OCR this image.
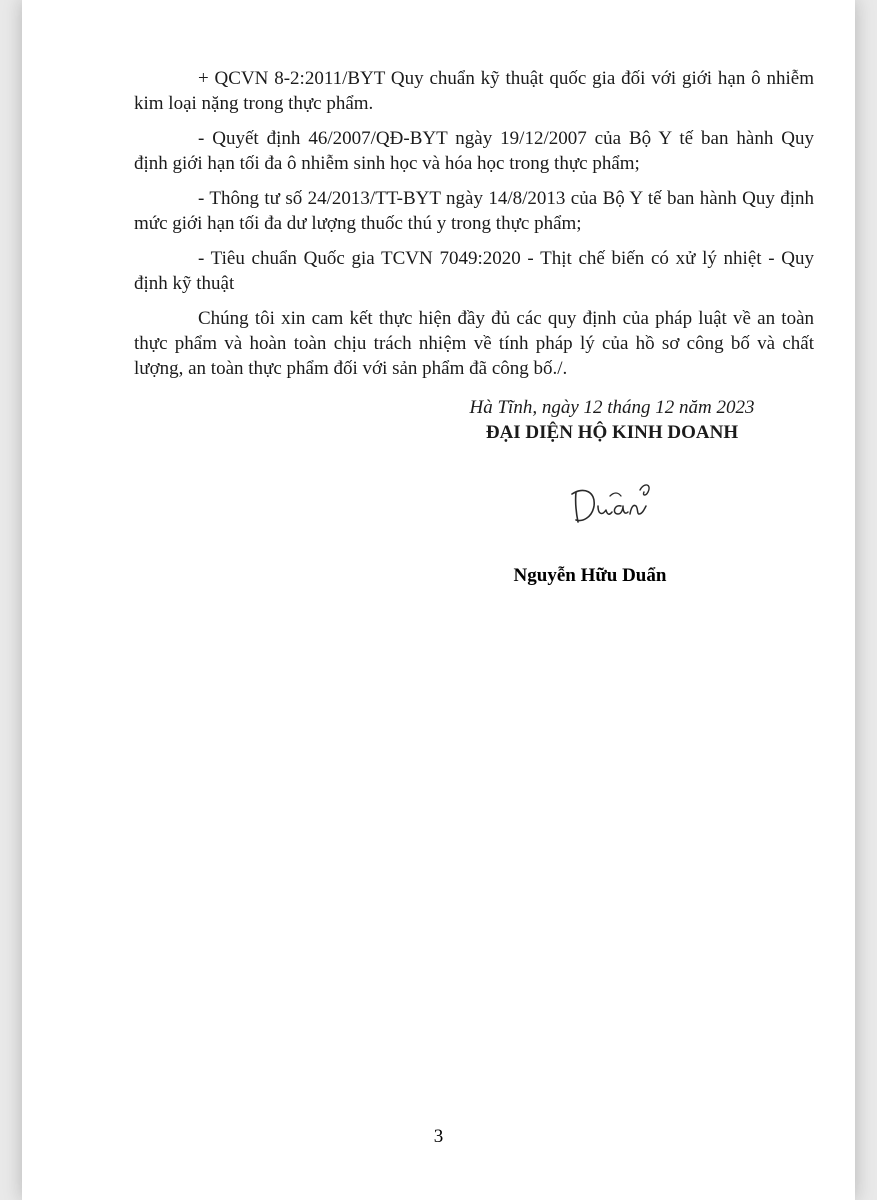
+ QCVN 8-2:2011/BYT Quy chuẩn kỹ thuật quốc gia đối với giới hạn ô nhiễm kim loại nặng trong thực phẩm.

- Quyết định 46/2007/QĐ-BYT ngày 19/12/2007 của Bộ Y tế ban hành Quy định giới hạn tối đa ô nhiễm sinh học và hóa học trong thực phẩm;

- Thông tư số 24/2013/TT-BYT ngày 14/8/2013 của Bộ Y tế ban hành Quy định mức giới hạn tối đa dư lượng thuốc thú y trong thực phẩm;

- Tiêu chuẩn Quốc gia TCVN 7049:2020 - Thịt chế biến có xử lý nhiệt - Quy định kỹ thuật

Chúng tôi xin cam kết thực hiện đầy đủ các quy định của pháp luật về an toàn thực phẩm và hoàn toàn chịu trách nhiệm về tính pháp lý của hồ sơ công bố và chất lượng, an toàn thực phẩm đối với sản phẩm đã công bố./.

Hà Tĩnh, ngày 12 tháng 12 năm 2023
ĐẠI DIỆN HỘ KINH DOANH
Nguyễn Hữu Duẩn
3
